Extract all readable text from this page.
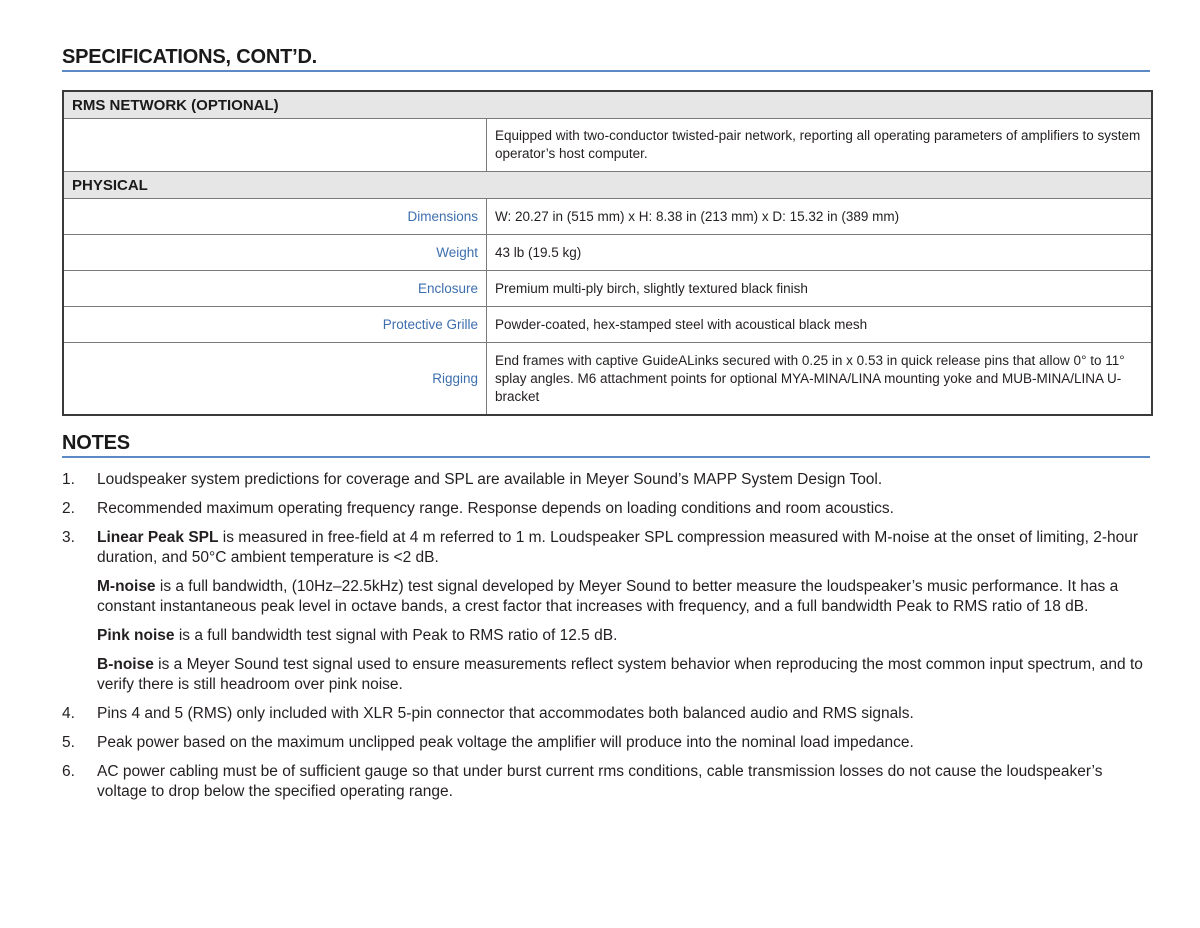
SPECIFICATIONS, CONT’D.
RMS NETWORK (OPTIONAL)	
	Equipped with two-conductor twisted-pair network, reporting all operating parameters of amplifiers to system operator’s host computer.
PHYSICAL	
Dimensions	W: 20.27 in (515 mm) x H: 8.38 in (213 mm) x D: 15.32 in (389 mm)
Weight	43 lb (19.5 kg)
Enclosure	Premium multi-ply birch, slightly textured black finish
Protective Grille	Powder-coated, hex-stamped steel with acoustical black mesh
Rigging	End frames with captive GuideALinks secured with 0.25 in x 0.53 in quick release pins that allow 0° to 11° splay angles. M6 attachment points for optional MYA-MINA/LINA mounting yoke and MUB-MINA/LINA U-bracket
NOTES
1. Loudspeaker system predictions for coverage and SPL are available in Meyer Sound’s MAPP System Design Tool.
2. Recommended maximum operating frequency range. Response depends on loading conditions and room acoustics.
3. Linear Peak SPL is measured in free-field at 4 m referred to 1 m. Loudspeaker SPL compression measured with M-noise at the onset of limiting, 2-hour duration, and 50°C ambient temperature is <2 dB.

M-noise is a full bandwidth, (10Hz–22.5kHz) test signal developed by Meyer Sound to better measure the loudspeaker’s music performance. It has a constant instantaneous peak level in octave bands, a crest factor that increases with frequency, and a full bandwidth Peak to RMS ratio of 18 dB.

Pink noise is a full bandwidth test signal with Peak to RMS ratio of 12.5 dB.

B-noise is a Meyer Sound test signal used to ensure measurements reflect system behavior when reproducing the most common input spectrum, and to verify there is still headroom over pink noise.

4. Pins 4 and 5 (RMS) only included with XLR 5-pin connector that accommodates both balanced audio and RMS signals.
5. Peak power based on the maximum unclipped peak voltage the amplifier will produce into the nominal load impedance.
6. AC power cabling must be of sufficient gauge so that under burst current rms conditions, cable transmission losses do not cause the loudspeaker’s voltage to drop below the specified operating range.
